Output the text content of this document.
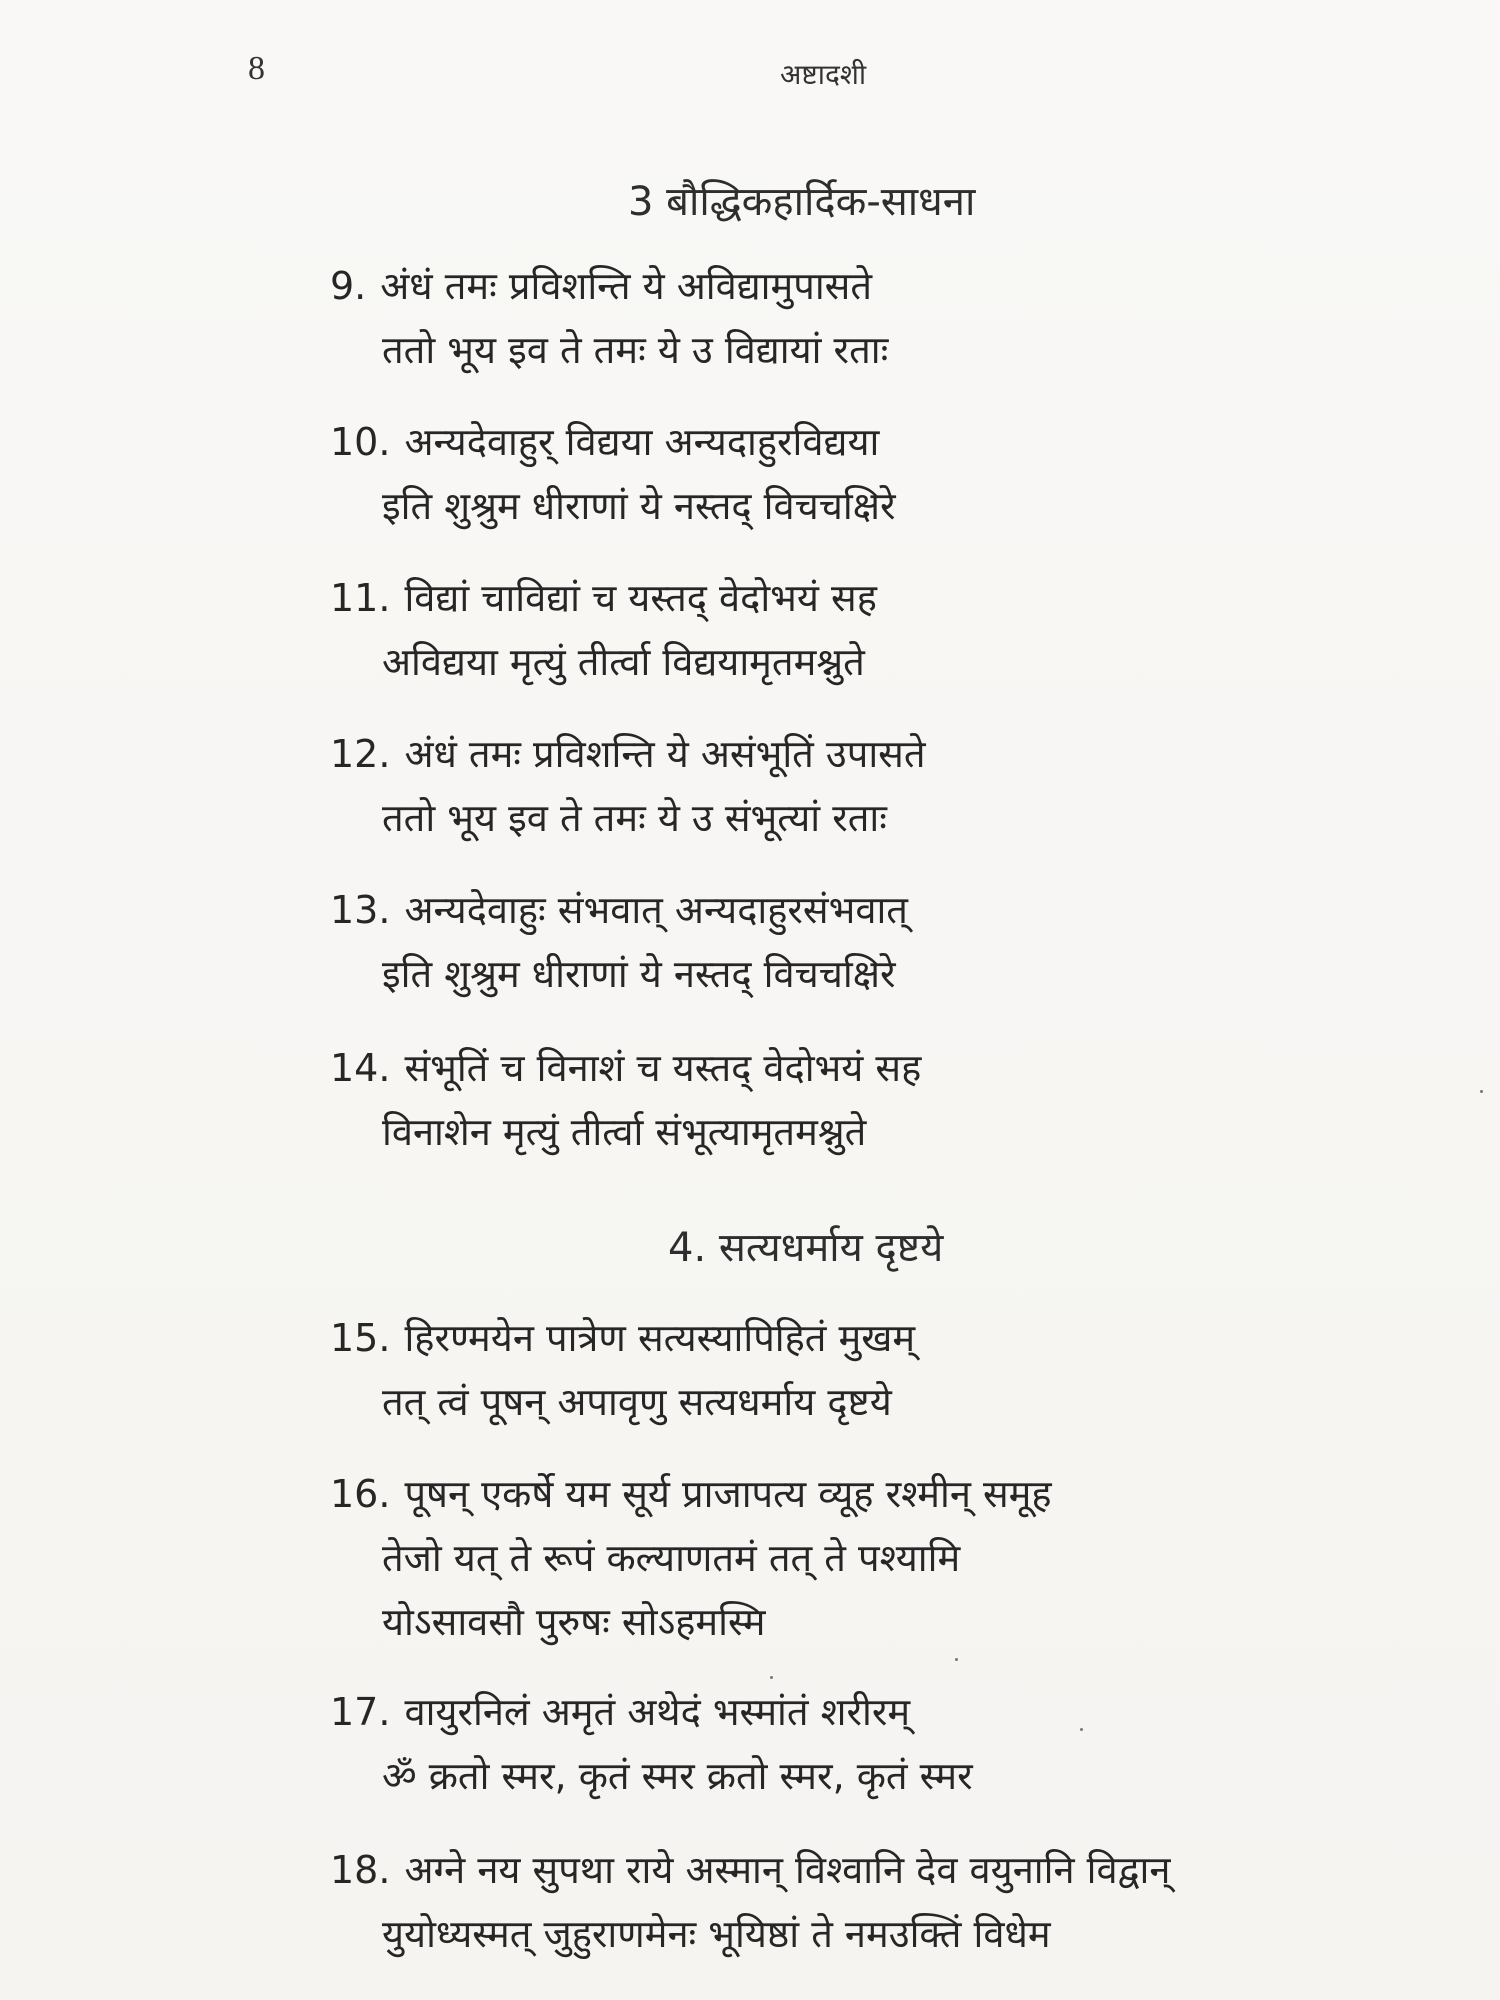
8	अष्टादशी
3 बौद्धिकहार्दिक-साधना
9. अंधं तमः प्रविशन्ति ये अविद्यामुपासते
ततो भूय इव ते तमः ये उ विद्यायां रताः
10. अन्यदेवाहुर् विद्यया अन्यदाहुरविद्यया
इति शुश्रुम धीराणां ये नस्तद् विचचक्षिरे
11. विद्यां चाविद्यां च यस्तद् वेदोभयं सह
अविद्यया मृत्युं तीर्त्वा विद्ययामृतमश्नुते
12. अंधं तमः प्रविशन्ति ये असंभूतिं उपासते
ततो भूय इव ते तमः ये उ संभूत्यां रताः
13. अन्यदेवाहुः संभवात् अन्यदाहुरसंभवात्
इति शुश्रुम धीराणां ये नस्तद् विचचक्षिरे
14. संभूतिं च विनाशं च यस्तद् वेदोभयं सह
विनाशेन मृत्युं तीर्त्वा संभूत्यामृतमश्नुते
4. सत्यधर्माय दृष्टये
15. हिरण्मयेन पात्रेण सत्यस्यापिहितं मुखम्
तत् त्वं पूषन् अपावृणु सत्यधर्माय दृष्टये
16. पूषन् एकर्षे यम सूर्य प्राजापत्य व्यूह रश्मीन् समूह
तेजो यत् ते रूपं कल्याणतमं तत् ते पश्यामि
योऽसावसौ पुरुषः सोऽहमस्मि
17. वायुरनिलं अमृतं अथेदं भस्मांतं शरीरम्
ॐ क्रतो स्मर, कृतं स्मर क्रतो स्मर, कृतं स्मर
18. अग्ने नय सुपथा राये अस्मान् विश्वानि देव वयुनानि विद्वान्
युयोध्यस्मत् जुहुराणमेनः भूयिष्ठां ते नमउक्तिं विधेम
